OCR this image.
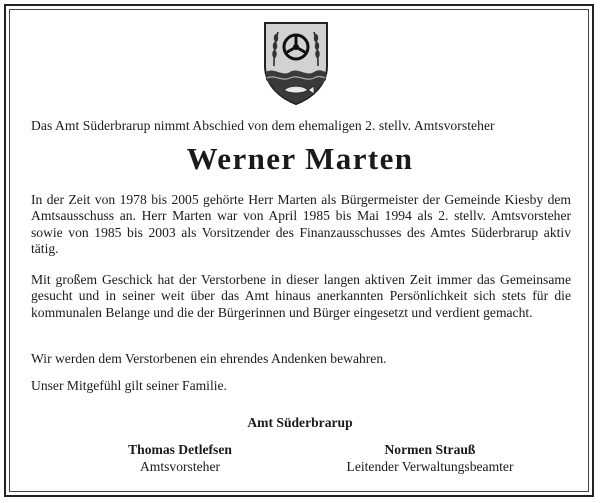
Das Amt Süderbrarup nimmt Abschied von dem ehemaligen 2. stellv. Amtsvorsteher
Werner Marten

In der Zeit von 1978 bis 2005 gehörte Herr Marten als Bürgermeister der Gemeinde Kiesby dem Amtsausschuss an. Herr Marten war von April 1985 bis Mai 1994 als 2. stellv. Amtsvorsteher sowie von 1985 bis 2003 als Vorsitzender des Finanzausschusses des Amtes Süderbrarup aktiv tätig.

Mit großem Geschick hat der Verstorbene in dieser langen aktiven Zeit immer das Gemeinsame gesucht und in seiner weit über das Amt hinaus anerkannten Persönlichkeit sich stets für die kommunalen Belange und die der Bürgerinnen und Bürger eingesetzt und verdient gemacht.

Wir werden dem Verstorbenen ein ehrendes Andenken bewahren.

Unser Mitgefühl gilt seiner Familie.

Amt Süderbrarup
Thomas Detlefsen
Amtsvorsteher
Normen Strauß
Leitender Verwaltungsbeamter
